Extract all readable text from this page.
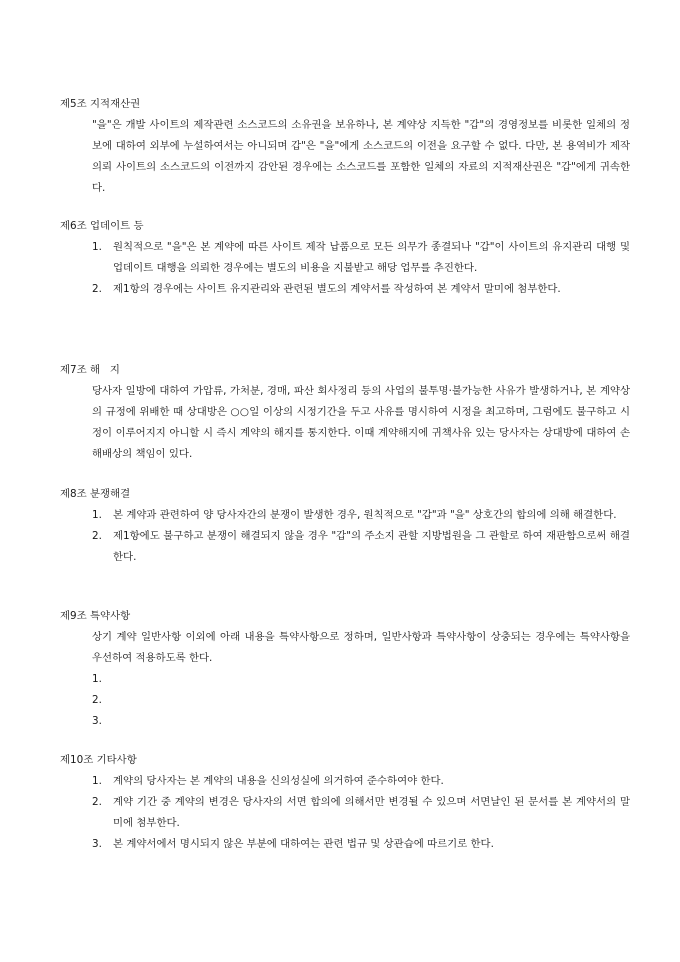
제5조 지적재산권

"을"은 개발 사이트의 제작관련 소스코드의 소유권을 보유하나, 본 계약상 지득한 "갑"의 경영정보를 비롯한 일체의 정보에 대하여 외부에 누설하여서는 아니되며 갑"은 "을"에게 소스코드의 이전을 요구할 수 없다. 다만, 본 용역비가 제작의뢰 사이트의 소스코드의 이전까지 감안된 경우에는 소스코드를 포함한 일체의 자료의 지적재산권은 "갑"에게 귀속한다.

제6조 업데이트 등

1. 원칙적으로 "을"은 본 계약에 따른 사이트 제작 납품으로 모든 의무가 종결되나 "갑"이 사이트의 유지관리 대행 및 업데이트 대행을 의뢰한 경우에는 별도의 비용을 지불받고 해당 업무를 추진한다.
2. 제1항의 경우에는 사이트 유지관리와 관련된 별도의 계약서를 작성하여 본 계약서 말미에 첨부한다.

제7조 해   지

당사자 일방에 대하여 가압류, 가처분, 경매, 파산 회사정리 등의 사업의 불투명·불가능한 사유가 발생하거나, 본 계약상의 규정에 위배한 때 상대방은 ○○일 이상의 시정기간을 두고 사유를 명시하여 시정을 최고하며, 그럼에도 불구하고 시정이 이루어지지 아니할 시 즉시 계약의 해지를 통지한다. 이때 계약해지에 귀책사유 있는 당사자는 상대방에 대하여 손해배상의 책임이 있다.

제8조 분쟁해결

1. 본 계약과 관련하여 양 당사자간의 분쟁이 발생한 경우, 원칙적으로 "갑"과 "을" 상호간의 합의에 의해 해결한다.
2. 제1항에도 불구하고 분쟁이 해결되지 않을 경우 "갑"의 주소지 관할 지방법원을 그 관할로 하여 재판함으로써 해결한다.

제9조 특약사항

상기 계약 일반사항 이외에 아래 내용을 특약사항으로 정하며, 일반사항과 특약사항이 상충되는 경우에는 특약사항을 우선하여 적용하도록 한다.

1.
2.
3.

제10조 기타사항

1. 계약의 당사자는 본 계약의 내용을 신의성실에 의거하여 준수하여야 한다.
2. 계약 기간 중 계약의 변경은 당사자의 서면 합의에 의해서만 변경될 수 있으며 서면날인 된 문서를 본 계약서의 말미에 첨부한다.
3. 본 계약서에서 명시되지 않은 부분에 대하여는 관련 법규 및 상관습에 따르기로 한다.
